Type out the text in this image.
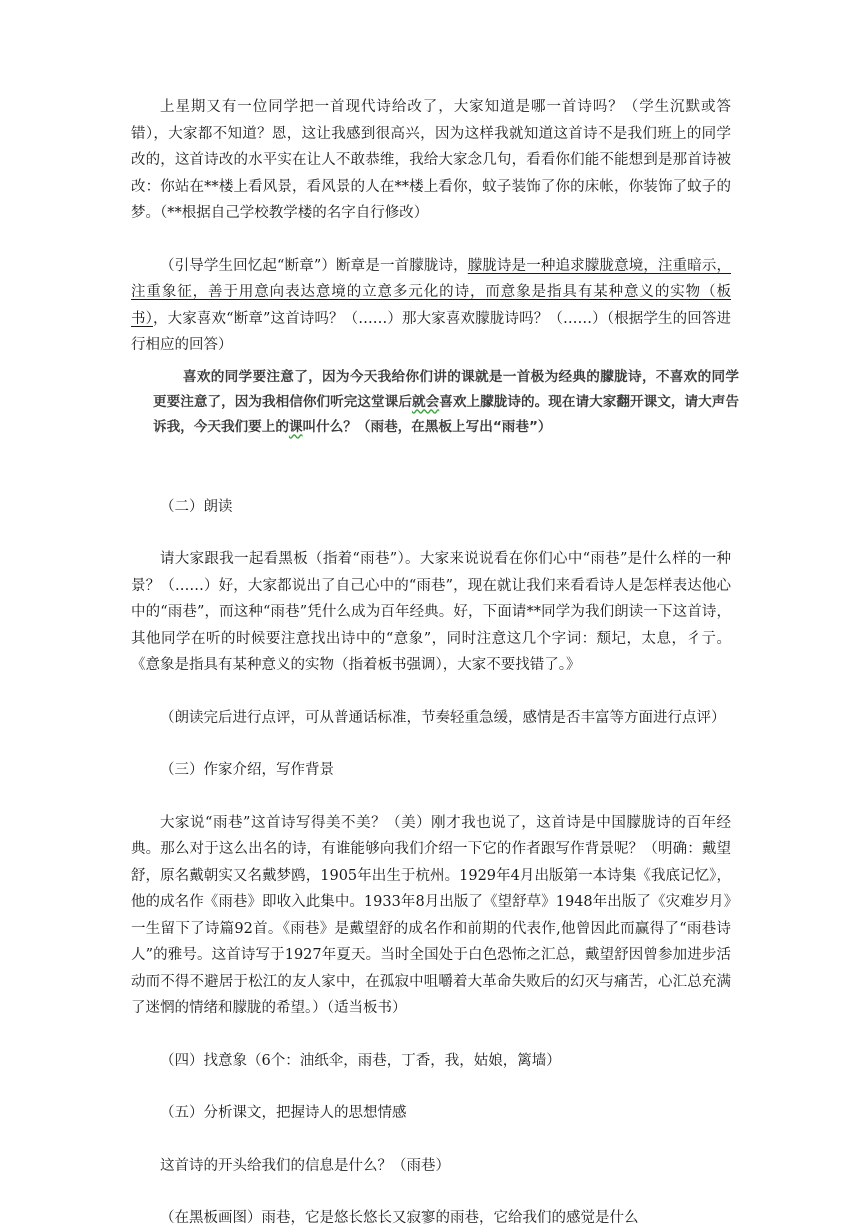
上星期又有一位同学把一首现代诗给改了，大家知道是哪一首诗吗？（学生沉默或答错），大家都不知道？恩，这让我感到很高兴，因为这样我就知道这首诗不是我们班上的同学改的，这首诗改的水平实在让人不敢恭维，我给大家念几句，看看你们能不能想到是那首诗被改：你站在**楼上看风景，看风景的人在**楼上看你，蚊子装饰了你的床帐，你装饰了蚊子的梦。（**根据自己学校教学楼的名字自行修改）

（引导学生回忆起“断章”）断章是一首朦胧诗，朦胧诗是一种追求朦胧意境，注重暗示，注重象征，善于用意向表达意境的立意多元化的诗，而意象是指具有某种意义的实物（板书），大家喜欢“断章”这首诗吗？（……）那大家喜欢朦胧诗吗？（……）（根据学生的回答进行相应的回答）

喜欢的同学要注意了，因为今天我给你们讲的课就是一首极为经典的朦胧诗，不喜欢的同学更要注意了，因为我相信你们听完这堂课后就会喜欢上朦胧诗的。现在请大家翻开课文，请大声告诉我，今天我们要上的课叫什么？（雨巷，在黑板上写出“雨巷”）

（二）朗读

请大家跟我一起看黑板（指着“雨巷”）。大家来说说看在你们心中“雨巷”是什么样的一种景？（……）好，大家都说出了自己心中的“雨巷”，现在就让我们来看看诗人是怎样表达他心中的“雨巷”，而这种“雨巷”凭什么成为百年经典。好，下面请**同学为我们朗读一下这首诗，其他同学在听的时候要注意找出诗中的“意象”，同时注意这几个字词：颓圮，太息，彳亍。《意象是指具有某种意义的实物（指着板书强调），大家不要找错了。》

（朗读完后进行点评，可从普通话标准，节奏轻重急缓，感情是否丰富等方面进行点评）

（三）作家介绍，写作背景

大家说“雨巷”这首诗写得美不美？（美）刚才我也说了，这首诗是中国朦胧诗的百年经典。那么对于这么出名的诗，有谁能够向我们介绍一下它的作者跟写作背景呢？（明确：戴望舒，原名戴朝实又名戴梦鸥，1905年出生于杭州。1929年4月出版第一本诗集《我底记忆》，他的成名作《雨巷》即收入此集中。1933年8月出版了《望舒草》1948年出版了《灾难岁月》一生留下了诗篇92首。《雨巷》是戴望舒的成名作和前期的代表作,他曾因此而赢得了“雨巷诗人”的雅号。这首诗写于1927年夏天。当时全国处于白色恐怖之汇总，戴望舒因曾参加进步活动而不得不避居于松江的友人家中，在孤寂中咀嚼着大革命失败后的幻灭与痛苦，心汇总充满了迷惘的情绪和朦胧的希望。）（适当板书）

（四）找意象（6个：油纸伞，雨巷，丁香，我，姑娘，篱墙）

（五）分析课文，把握诗人的思想情感

这首诗的开头给我们的信息是什么？（雨巷）

（在黑板画图）雨巷，它是悠长悠长又寂寥的雨巷，它给我们的感觉是什么
